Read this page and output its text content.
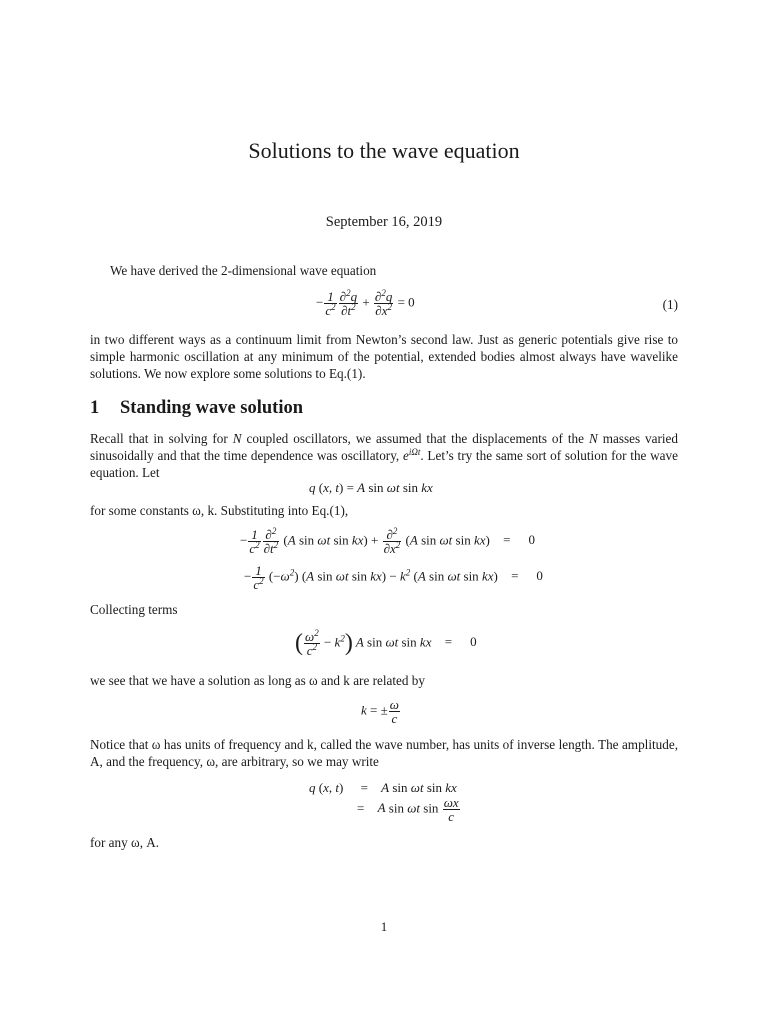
Solutions to the wave equation
September 16, 2019
We have derived the 2-dimensional wave equation
− $\frac{1}{c^2} \frac{\partial^2q}{\partial t^2} + \frac{\partial^2q}{\partial x^2} = 0$	(1)
in two different ways as a continuum limit from Newton’s second law. Just as generic potentials give rise to simple harmonic oscillation at any minimum of the potential, extended bodies almost always have wavelike solutions. We now explore some solutions to Eq.(1).
1 Standing wave solution
Recall that in solving for N coupled oscillators, we assumed that the displacements of the N masses varied sinusoidally and that the time dependence was oscillatory, $e^{i\Omega t}$. Let’s try the same sort of solution for the wave equation. Let
q (x, t) = A sin ωt sin kx
for some constants ω, k. Substituting into Eq.(1),
− $\frac{1}{c^2} \frac{\partial^2}{\partial t^2} (A$ sin ωt $\sin kx) + \frac{\partial^2}{\partial x^2} (A$ sin ωt sin kx) = 0
− $\frac{1}{c^2} (-\omega^2)$ (A sin ωt $\sin kx) - k^2$ (A sin ωt sin kx) = 0
Collecting terms
( $\frac{\omega^2}{c^2} - k^2$) A sin ωt sin kx = 0
we see that we have a solution as long as ω and k are related by
k = ± $\frac{\omega}{c}$
Notice that ω has units of frequency and k, called the wave number, has units of inverse length. The amplitude, A, and the frequency, ω, are arbitrary, so we may write
q (x, t) = A sin ωt sin kx
= A sin ωt $\sin \frac{\omega x}{c}$
for any ω, A.
1
